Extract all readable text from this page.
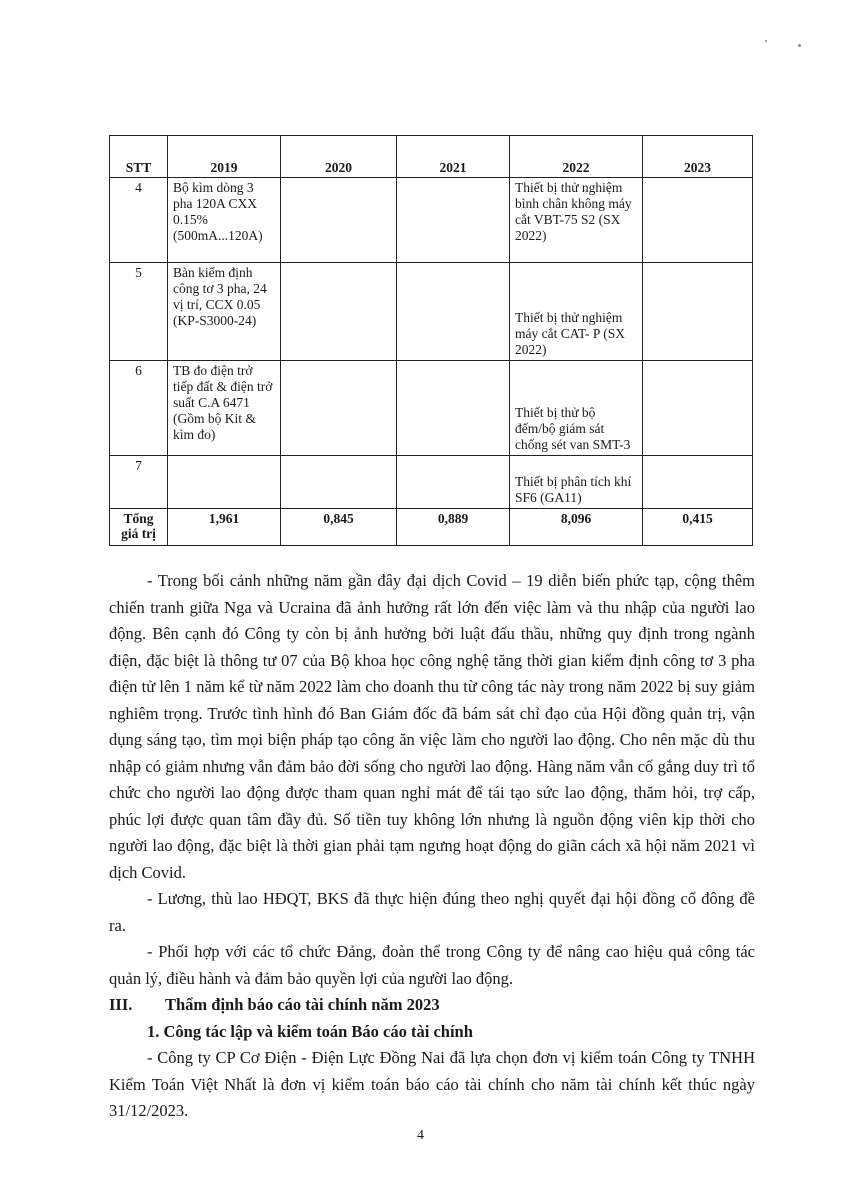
STT	2019	2020	2021	2022	2023
4	Bộ kìm dòng 3 pha 120A CXX 0.15% (500mA...120A)			Thiết bị thử nghiệm bình chân không máy cắt VBT-75 S2 (SX 2022)	
5	Bàn kiểm định công tơ 3 pha, 24 vị trí, CCX 0.05 (KP-S3000-24)			Thiết bị thử nghiệm máy cắt CAT- P (SX 2022)	
6	TB đo điện trở tiếp đất & điện trở suất C.A 6471 (Gồm bộ Kit & kìm đo)			Thiết bị thử bộ đếm/bộ giám sát chống sét van SMT-3	
7				Thiết bị phân tích khí SF6 (GA11)	
Tổng giá trị	1,961	0,845	0,889	8,096	0,415

- Trong bối cảnh những năm gần đây đại dịch Covid – 19 diễn biến phức tạp, cộng thêm chiến tranh giữa Nga và Ucraina đã ảnh hưởng rất lớn đến việc làm và thu nhập của người lao động. Bên cạnh đó Công ty còn bị ảnh hưởng bởi luật đấu thầu, những quy định trong ngành điện, đặc biệt là thông tư 07 của Bộ khoa học công nghệ tăng thời gian kiểm định công tơ 3 pha điện tử lên 1 năm kể từ năm 2022 làm cho doanh thu từ công tác này trong năm 2022 bị suy giảm nghiêm trọng. Trước tình hình đó Ban Giám đốc đã bám sát chỉ đạo của Hội đồng quản trị, vận dụng sáng tạo, tìm mọi biện pháp tạo công ăn việc làm cho người lao động. Cho nên mặc dù thu nhập có giảm nhưng vẫn đảm bảo đời sống cho người lao động. Hàng năm vẫn cố gắng duy trì tổ chức cho người lao động được tham quan nghỉ mát để tái tạo sức lao động, thăm hỏi, trợ cấp, phúc lợi được quan tâm đầy đủ. Số tiền tuy không lớn nhưng là nguồn động viên kịp thời cho người lao động, đặc biệt là thời gian phải tạm ngưng hoạt động do giãn cách xã hội năm 2021 vì dịch Covid.

- Lương, thù lao HĐQT, BKS đã thực hiện đúng theo nghị quyết đại hội đồng cổ đông đề ra.

- Phối hợp với các tổ chức Đảng, đoàn thể trong Công ty để nâng cao hiệu quả công tác quản lý, điều hành và đảm bảo quyền lợi của người lao động.

III.	Thẩm định báo cáo tài chính năm 2023

1. Công tác lập và kiểm toán Báo cáo tài chính

- Công ty CP Cơ Điện - Điện Lực Đồng Nai đã lựa chọn đơn vị kiểm toán Công ty TNHH Kiểm Toán Việt Nhất là đơn vị kiểm toán báo cáo tài chính cho năm tài chính kết thúc ngày 31/12/2023.

4
